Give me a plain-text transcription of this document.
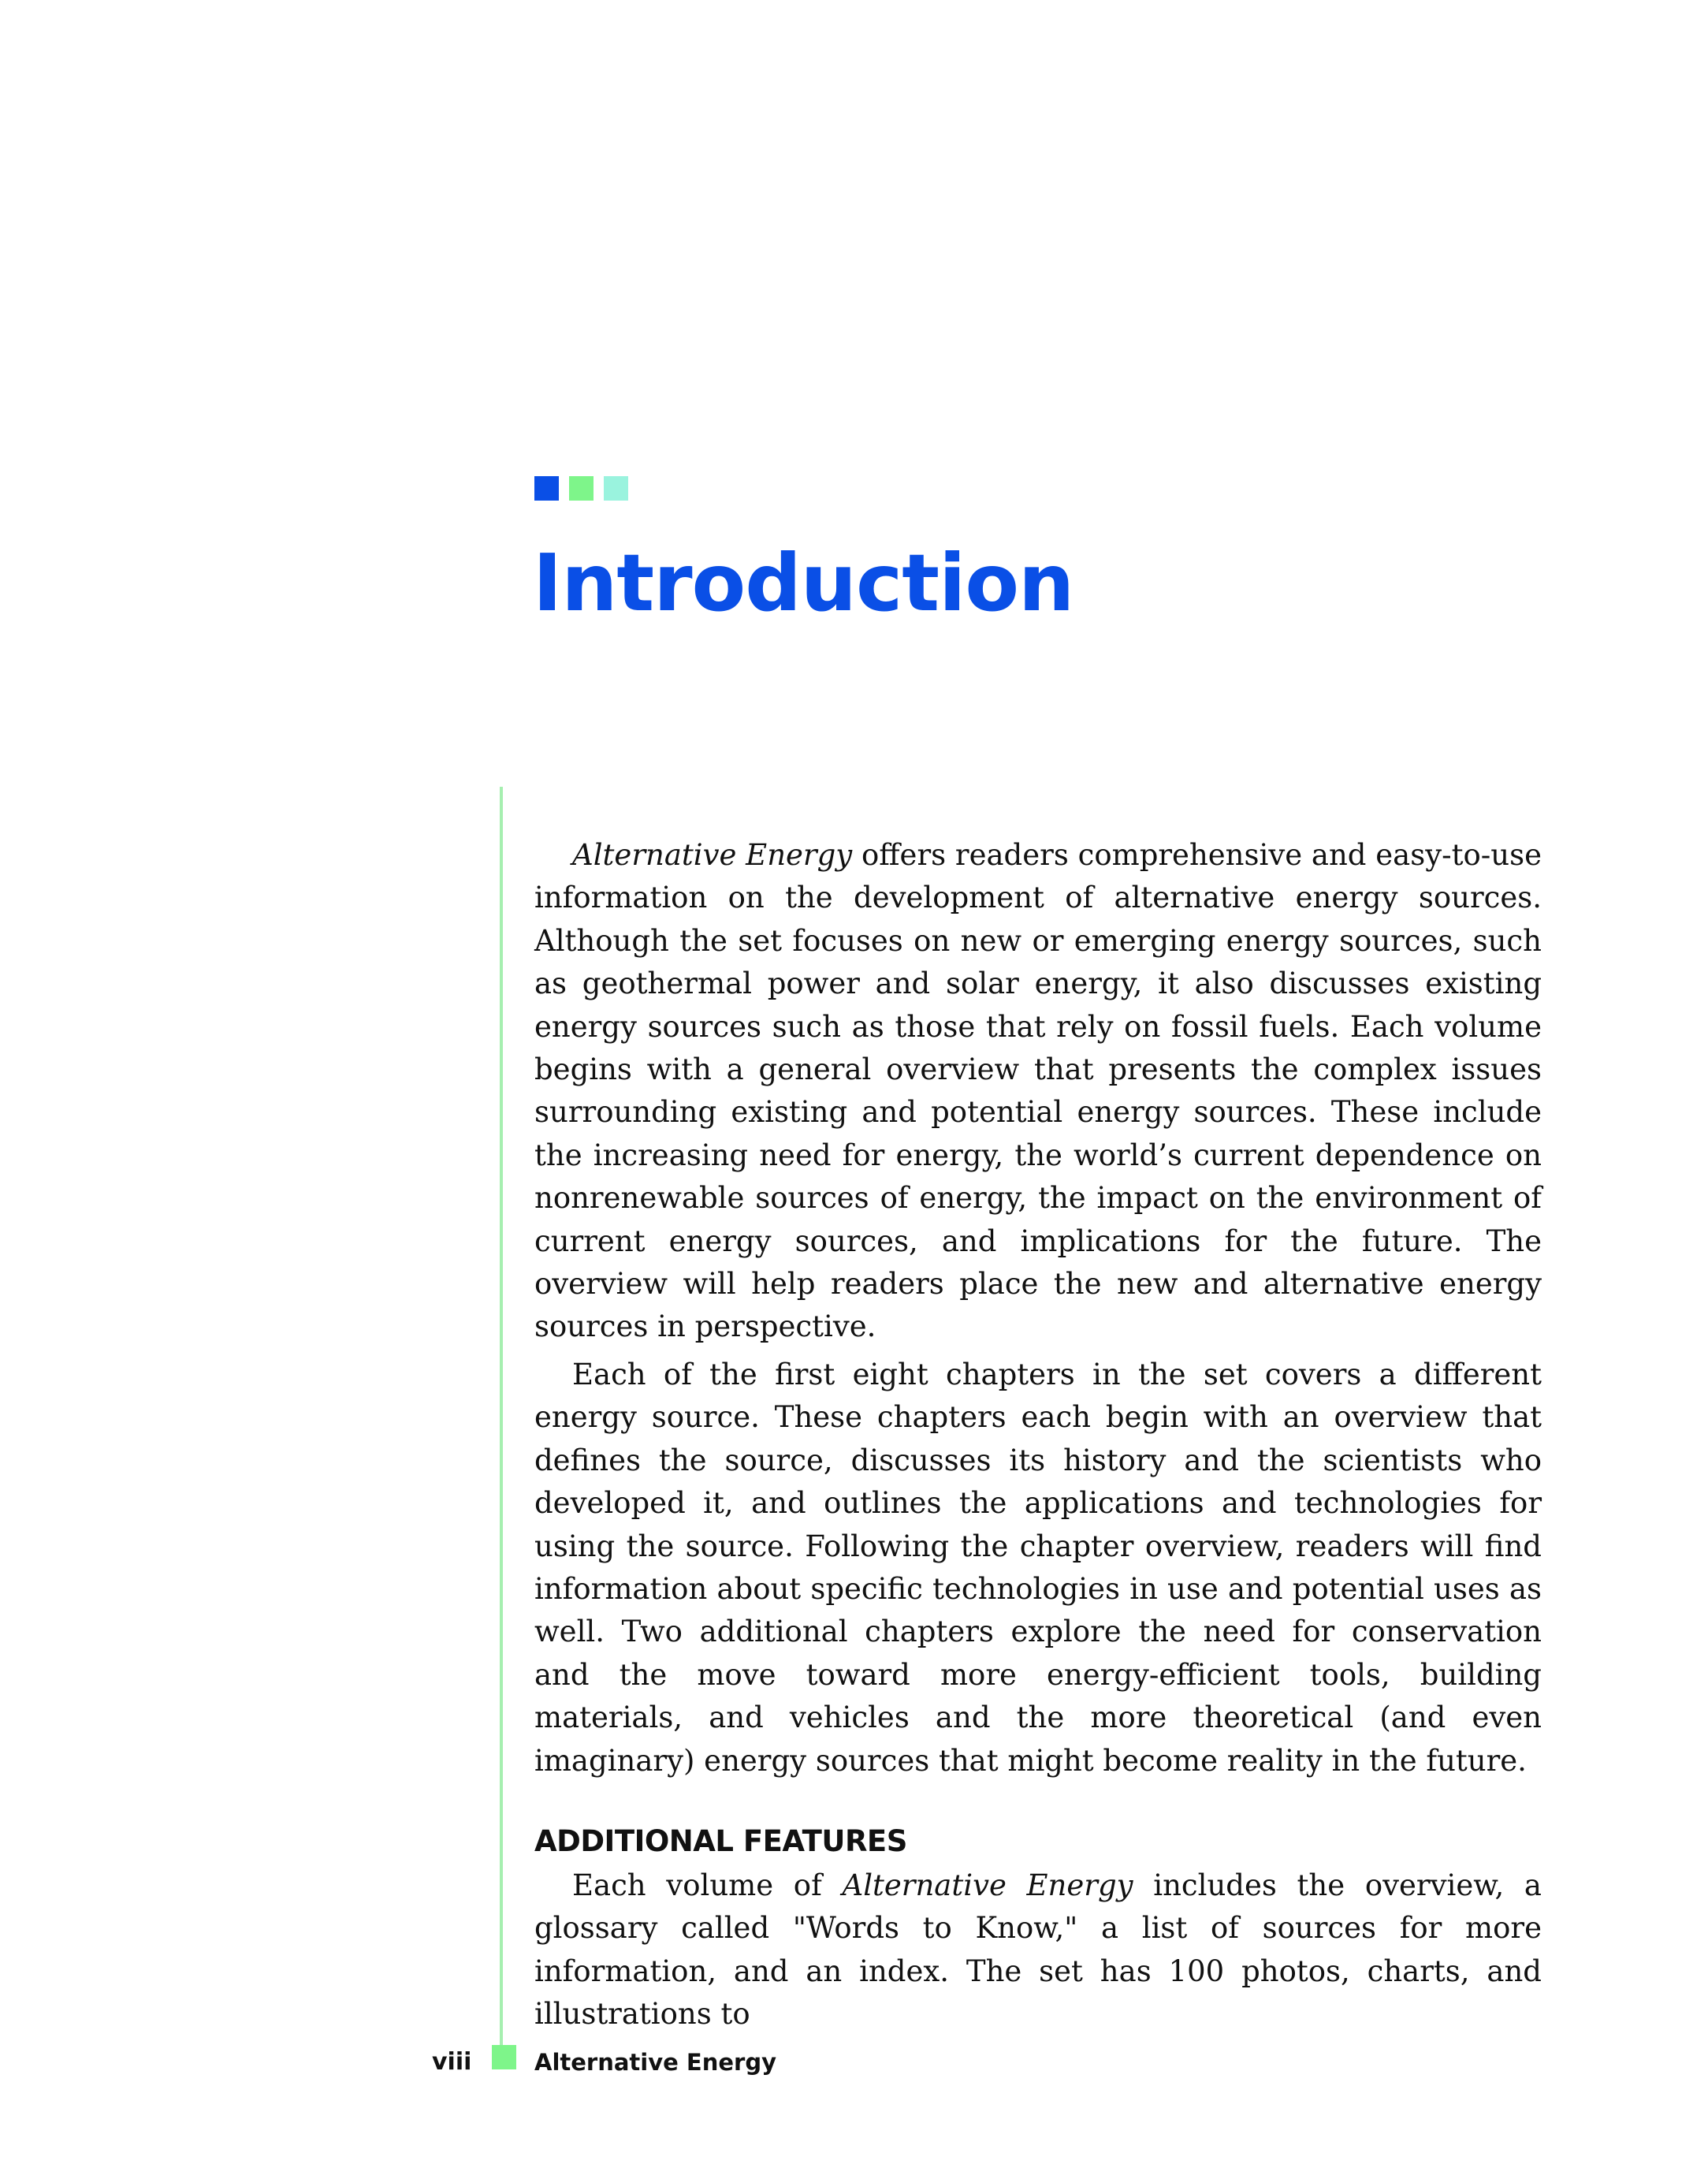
Introduction

Alternative Energy offers readers comprehensive and easy-to-use information on the development of alternative energy sources. Although the set focuses on new or emerging energy sources, such as geothermal power and solar energy, it also discusses existing energy sources such as those that rely on fossil fuels. Each volume begins with a general overview that presents the complex issues surrounding existing and potential energy sources. These include the increasing need for energy, the world’s current dependence on nonrenewable sources of energy, the impact on the environment of current energy sources, and implications for the future. The overview will help readers place the new and alternative energy sources in perspective.

Each of the first eight chapters in the set covers a different energy source. These chapters each begin with an overview that defines the source, discusses its history and the scientists who developed it, and outlines the applications and technologies for using the source. Following the chapter overview, readers will find information about specific technologies in use and potential uses as well. Two additional chapters explore the need for conservation and the move toward more energy-efficient tools, building materials, and vehicles and the more theoretical (and even imaginary) energy sources that might become reality in the future.

ADDITIONAL FEATURES

Each volume of Alternative Energy includes the overview, a glossary called "Words to Know," a list of sources for more information, and an index. The set has 100 photos, charts, and illustrations to

viii	Alternative Energy
